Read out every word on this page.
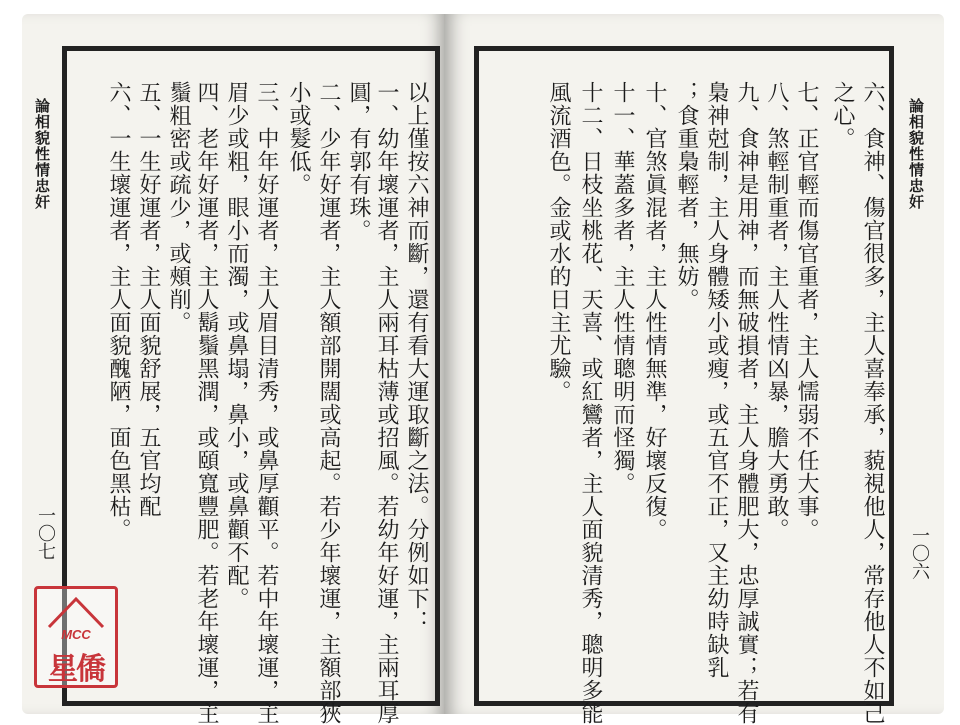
以上僅按六神而斷，還有看大運取斷之法。分例如下：
一、幼年壞運者，主人兩耳枯薄或招風。若幼年好運，主兩耳厚
圓，有郭有珠。
二、少年好運者，主人額部開闊或高起。若少年壞運，主額部狹
小或髮低。
三、中年好運者，主人眉目清秀，或鼻厚顴平。若中年壞運，主
眉少或粗，眼小而濁，或鼻塌，鼻小，或鼻顴不配。
四、老年好運者，主人鬍鬚黑潤，或頤寬豐肥。若老年壞運，主
鬚粗密或疏少，或頰削。
五、一生好運者，主人面貌舒展，五官均配
六、一生壞運者，主人面貌醜陋，面色黑枯。
論相貌性情忠奸
一〇七	六、食神、傷官很多，主人喜奉承，藐視他人，常存他人不如己
之心。
七、正官輕而傷官重者，主人懦弱不任大事。
八、煞輕制重者，主人性情凶暴，膽大勇敢。
九、食神是用神，而無破損者，主人身體肥大，忠厚誠實；若有
梟神尅制，主人身體矮小或瘦，或五官不正，又主幼時缺乳
；食重梟輕者，無妨。
十、官煞眞混者，主人性情無準，好壞反復。
十一、華蓋多者，主人性情聰明而怪獨。
十二、日枝坐桃花、天喜、或紅鸞者，主人面貌清秀，聰明多能
風流酒色。金或水的日主尤驗。	論相貌性情忠奸
一〇六
MCC
星僑
